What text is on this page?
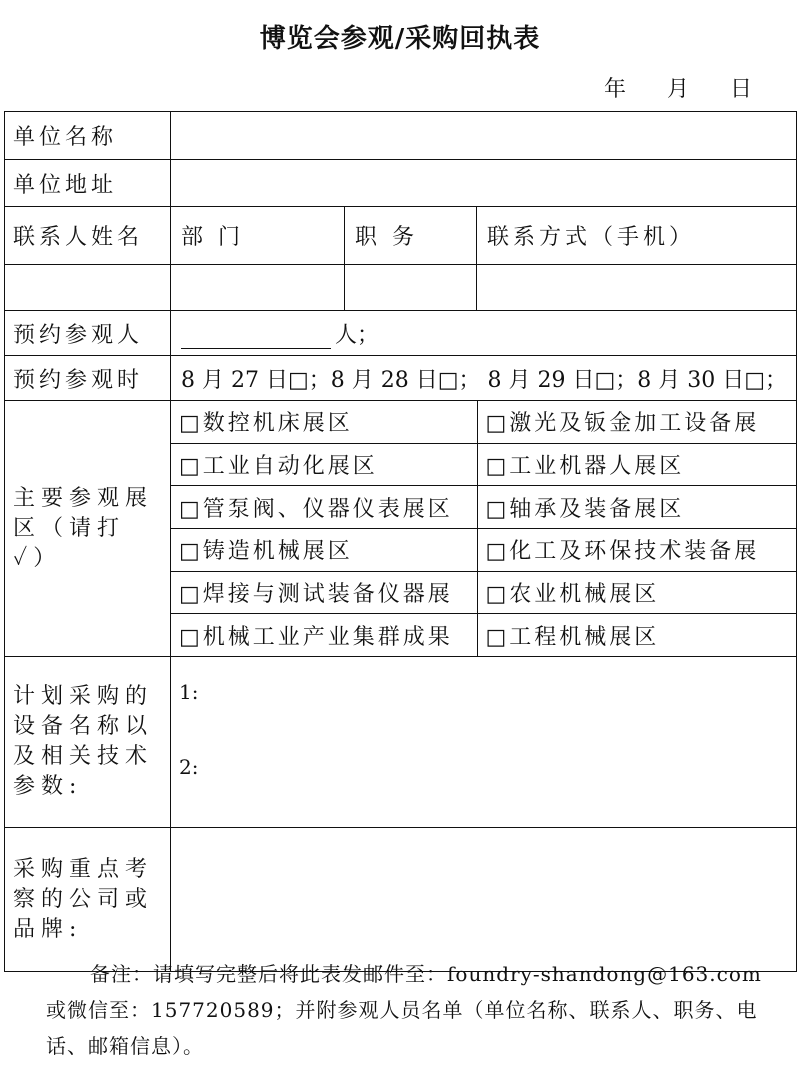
博览会参观/采购回执表
年 月 日
单位名称	
单位地址	
联系人姓名	部 门	职 务	联系方式（手机）

预约参观人	人；
预约参观时	8 月 27 日□；8 月 28 日□； 8 月 29 日□；8 月 30 日□；
主要参观展区（请打✓）	
□数控机床展区	□激光及钣金加工设备展
□工业自动化展区	□工业机器人展区
□管泵阀、仪器仪表展区	□轴承及装备展区
□铸造机械展区	□化工及环保技术装备展
□焊接与测试装备仪器展	□农业机械展区
□机械工业产业集群成果	□工程机械展区

计划采购的设备名称以及相关技术参数:	
1:
2:

采购重点考察的公司或品牌:	
备注：请填写完整后将此表发邮件至：foundry-shandong@163.com 或微信至：157720589；并附参观人员名单（单位名称、联系人、职务、电话、邮箱信息）。
